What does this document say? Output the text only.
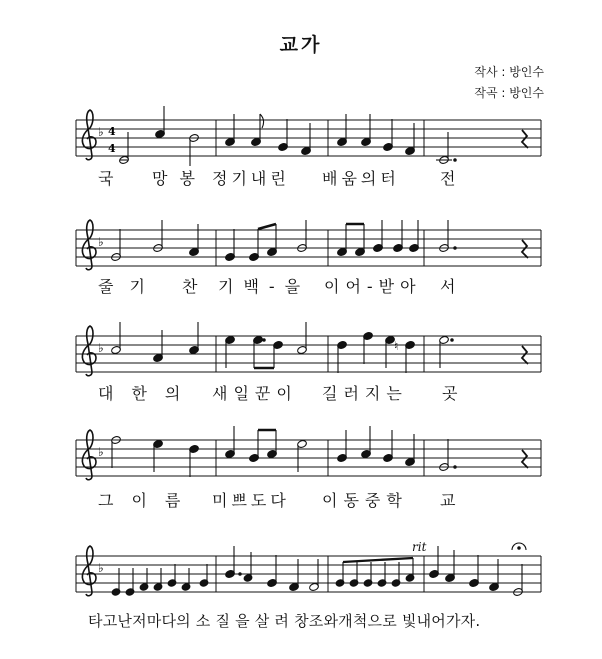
교가
작사 : 방인수
작곡 : 방인수
♭ 4
4
♭
♭	♮
♭
♭
rit
국 망봉 정기내린 배움의터	전
줄기 찬 기백-을 이어-받아 서
대한의 새일꾼이 길러지는 곳
그이름 미쁘도다 이동중학 교
타고난저마다의 소 질 을 살 려 창조와개척으로 빛내어가자.
